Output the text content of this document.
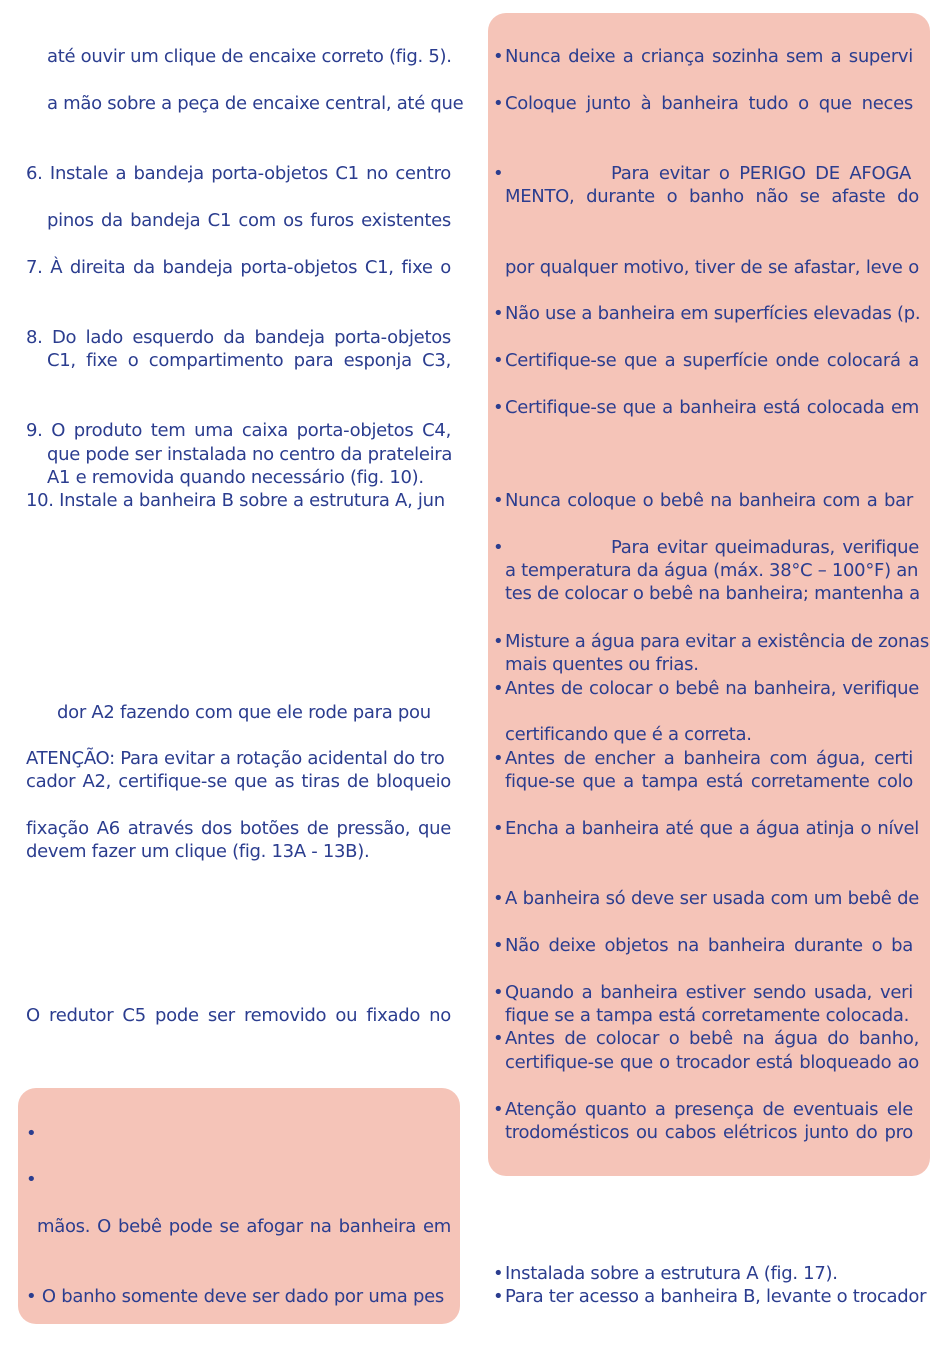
até ouvir um clique de encaixe correto (fig. 5).
a mão sobre a peça de encaixe central, até que
6. Instale a bandeja porta-objetos C1 no centro
pinos da bandeja C1 com os furos existentes
7. À direita da bandeja porta-objetos C1, fixe o
8. Do lado esquerdo da bandeja porta-objetos
C1, fixe o compartimento para esponja C3,
9. O produto tem uma caixa porta-objetos C4,
que pode ser instalada no centro da prateleira
A1 e removida quando necessário (fig. 10).
10. Instale a banheira B sobre a estrutura A, jun
dor A2 fazendo com que ele rode para pou
ATENÇÃO: Para evitar a rotação acidental do tro
cador A2, certifique-se que as tiras de bloqueio
fixação A6 através dos botões de pressão, que
devem fazer um clique (fig. 13A - 13B).
O redutor C5 pode ser removido ou fixado no
•
•
mãos. O bebê pode se afogar na banheira em
• O banho somente deve ser dado por uma pes
•Nunca deixe a criança sozinha sem a supervi
•Coloque junto à banheira tudo o que neces
•	Para evitar o PERIGO DE AFOGA
MENTO, durante o banho não se afaste do
por qualquer motivo, tiver de se afastar, leve o
•Não use a banheira em superfícies elevadas (p.
•Certifique-se que a superfície onde colocará a
•Certifique-se que a banheira está colocada em
•Nunca coloque o bebê na banheira com a bar
•	Para evitar queimaduras, verifique
a temperatura da água (máx. 38°C – 100°F) an
tes de colocar o bebê na banheira; mantenha a
•Misture a água para evitar a existência de zonas
mais quentes ou frias.
•Antes de colocar o bebê na banheira, verifique
certificando que é a correta.
•Antes de encher a banheira com água, certi
fique-se que a tampa está corretamente colo
•Encha a banheira até que a água atinja o nível
•A banheira só deve ser usada com um bebê de
•Não deixe objetos na banheira durante o ba
•Quando a banheira estiver sendo usada, veri
fique se a tampa está corretamente colocada.
•Antes de colocar o bebê na água do banho,
certifique-se que o trocador está bloqueado ao
•Atenção quanto a presença de eventuais ele
trodomésticos ou cabos elétricos junto do pro
•Instalada sobre a estrutura A (fig. 17).
•Para ter acesso a banheira B, levante o trocador
